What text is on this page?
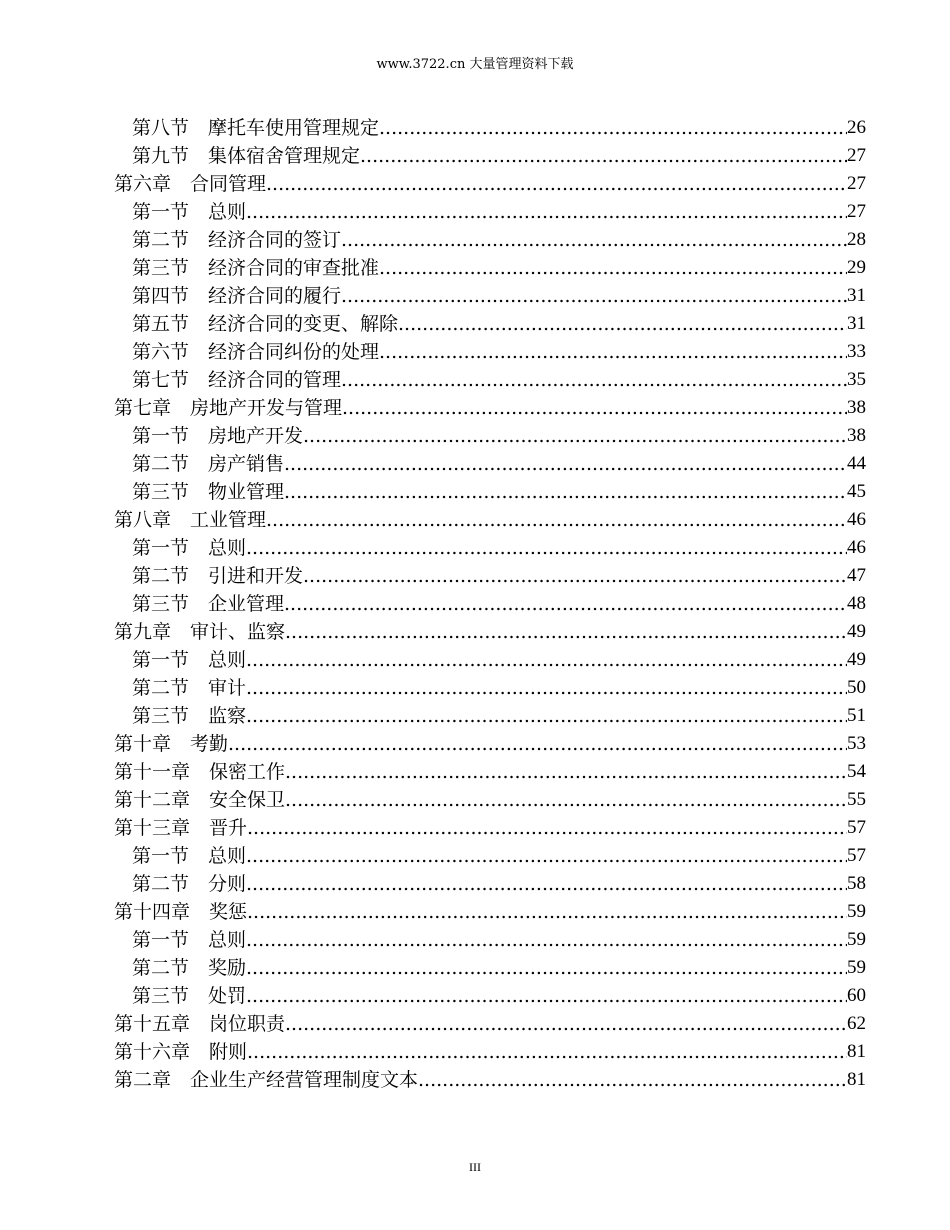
www.3722.cn 大量管理资料下载
第八节　摩托车使用管理规定 .....	26
第九节　集体宿舍管理规定 .....	27
第六章　合同管理 .....	27
第一节　总则 .....	27
第二节　经济合同的签订 .....	28
第三节　经济合同的审查批准 .....	29
第四节　经济合同的履行 .....	31
第五节　经济合同的变更、解除 .....	31
第六节　经济合同纠份的处理 .....	33
第七节　经济合同的管理 .....	35
第七章　房地产开发与管理 .....	38
第一节　房地产开发 .....	38
第二节　房产销售 .....	44
第三节　物业管理 .....	45
第八章　工业管理 .....	46
第一节　总则 .....	46
第二节　引进和开发 .....	47
第三节　企业管理 .....	48
第九章　审计、监察 .....	49
第一节　总则 .....	49
第二节　审计 .....	50
第三节　监察 .....	51
第十章　考勤 .....	53
第十一章　保密工作 .....	54
第十二章　安全保卫 .....	55
第十三章　晋升 .....	57
第一节　总则 .....	57
第二节　分则 .....	58
第十四章　奖惩 .....	59
第一节　总则 .....	59
第二节　奖励 .....	59
第三节　处罚 .....	60
第十五章　岗位职责 .....	62
第十六章　附则 .....	81
第二章　企业生产经营管理制度文本 .....	81
III
